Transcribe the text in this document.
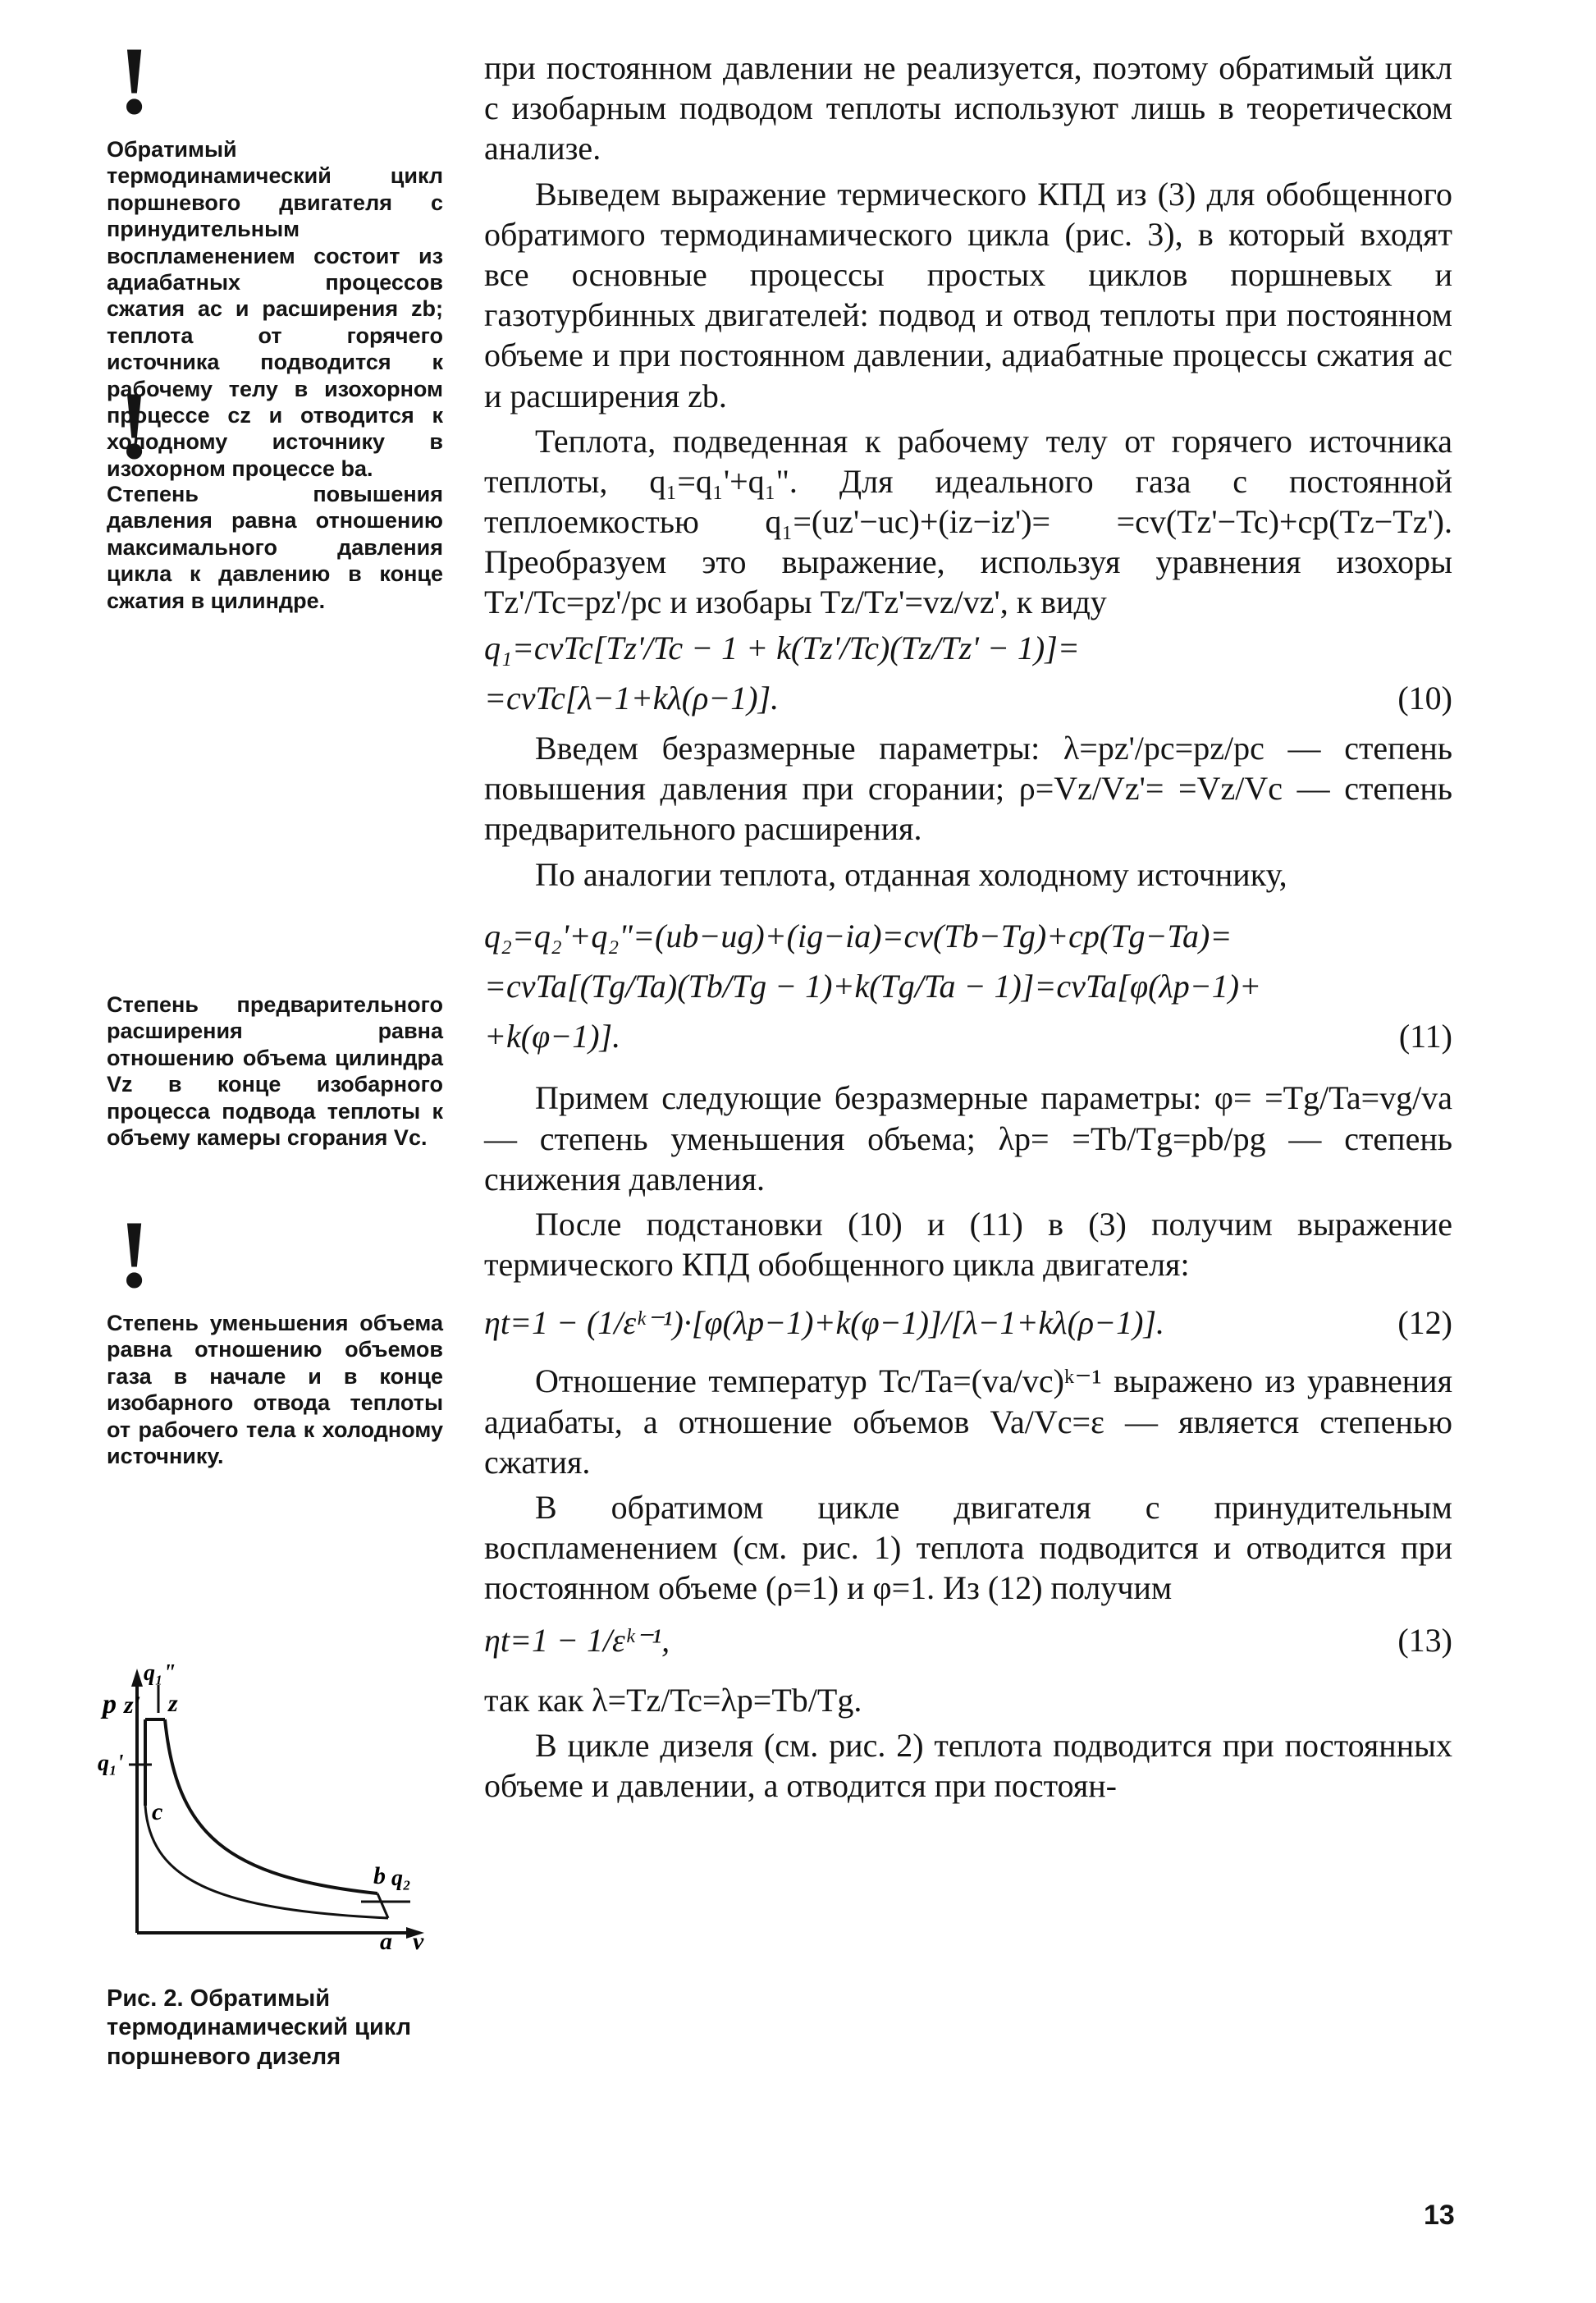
!
Обратимый термодинамический цикл поршневого двигателя с принудительным воспламенением состоит из адиабатных процессов сжатия ac и расширения zb; теплота от горячего источника подводится к рабочему телу в изохорном процессе cz и отводится к холодному источнику в изохорном процессе ba.
!
Степень повышения давления равна отношению максимального давления цикла к давлению в конце сжатия в цилиндре.
Степень предварительного расширения равна отношению объема цилиндра Vz в конце изобарного процесса подвода теплоты к объему камеры сгорания Vc.
!
Степень уменьшения объема равна отношению объемов газа в начале и в конце изобарного отвода теплоты от рабочего тела к холодному источнику.
p z' z
q₁"
q₁'
c
b q₂
a v
Рис. 2. Обратимый термодинамический цикл поршневого дизеля

при постоянном давлении не реализуется, поэтому обратимый цикл с изобарным подводом теплоты используют лишь в теоретическом анализе.

Выведем выражение термического КПД из (3) для обобщенного обратимого термодинамического цикла (рис. 3), в который входят все основные процессы простых циклов поршневых и газотурбинных двигателей: подвод и отвод теплоты при постоянном объеме и при постоянном давлении, адиабатные процессы сжатия ac и расширения zb.

Теплота, подведенная к рабочему телу от горячего источника теплоты, q₁=q₁'+q₁". Для идеального газа с постоянной теплоемкостью q₁=(uz'−uc)+(iz−iz')= =cv(Tz'−Tc)+cp(Tz−Tz'). Преобразуем это выражение, используя уравнения изохоры Tz'/Tc=pz'/pc и изобары Tz/Tz'=vz/vz', к виду

q₁=cvTc[Tz'/Tc − 1 + k(Tz'/Tc)(Tz/Tz' − 1)]=
=cvTc[λ−1+kλ(ρ−1)].	(10)

Введем безразмерные параметры: λ=pz'/pc=pz/pc — степень повышения давления при сгорании; ρ=Vz/Vz'= =Vz/Vc — степень предварительного расширения.

По аналогии теплота, отданная холодному источнику,

q₂=q₂'+q₂"=(ub−ug)+(ig−ia)=cv(Tb−Tg)+cp(Tg−Ta)=
=cvTa[(Tg/Ta)(Tb/Tg − 1)+k(Tg/Ta − 1)]=cvTa[φ(λp−1)+
+k(φ−1)].	(11)

Примем следующие безразмерные параметры: φ= =Tg/Ta=vg/va — степень уменьшения объема; λp= =Tb/Tg=pb/pg — степень снижения давления.

После подстановки (10) и (11) в (3) получим выражение термического КПД обобщенного цикла двигателя:

ηt=1 − (1/εᵏ⁻¹)·[φ(λp−1)+k(φ−1)]/[λ−1+kλ(ρ−1)].	(12)

Отношение температур Tc/Ta=(va/vc)ᵏ⁻¹ выражено из уравнения адиабаты, а отношение объемов Va/Vc=ε — является степенью сжатия.

В обратимом цикле двигателя с принудительным воспламенением (см. рис. 1) теплота подводится и отводится при постоянном объеме (ρ=1) и φ=1. Из (12) получим

ηt=1 − 1/εᵏ⁻¹,	(13)

так как λ=Tz/Tc=λp=Tb/Tg.

В цикле дизеля (см. рис. 2) теплота подводится при постоянных объеме и давлении, а отводится при постоян-

13
